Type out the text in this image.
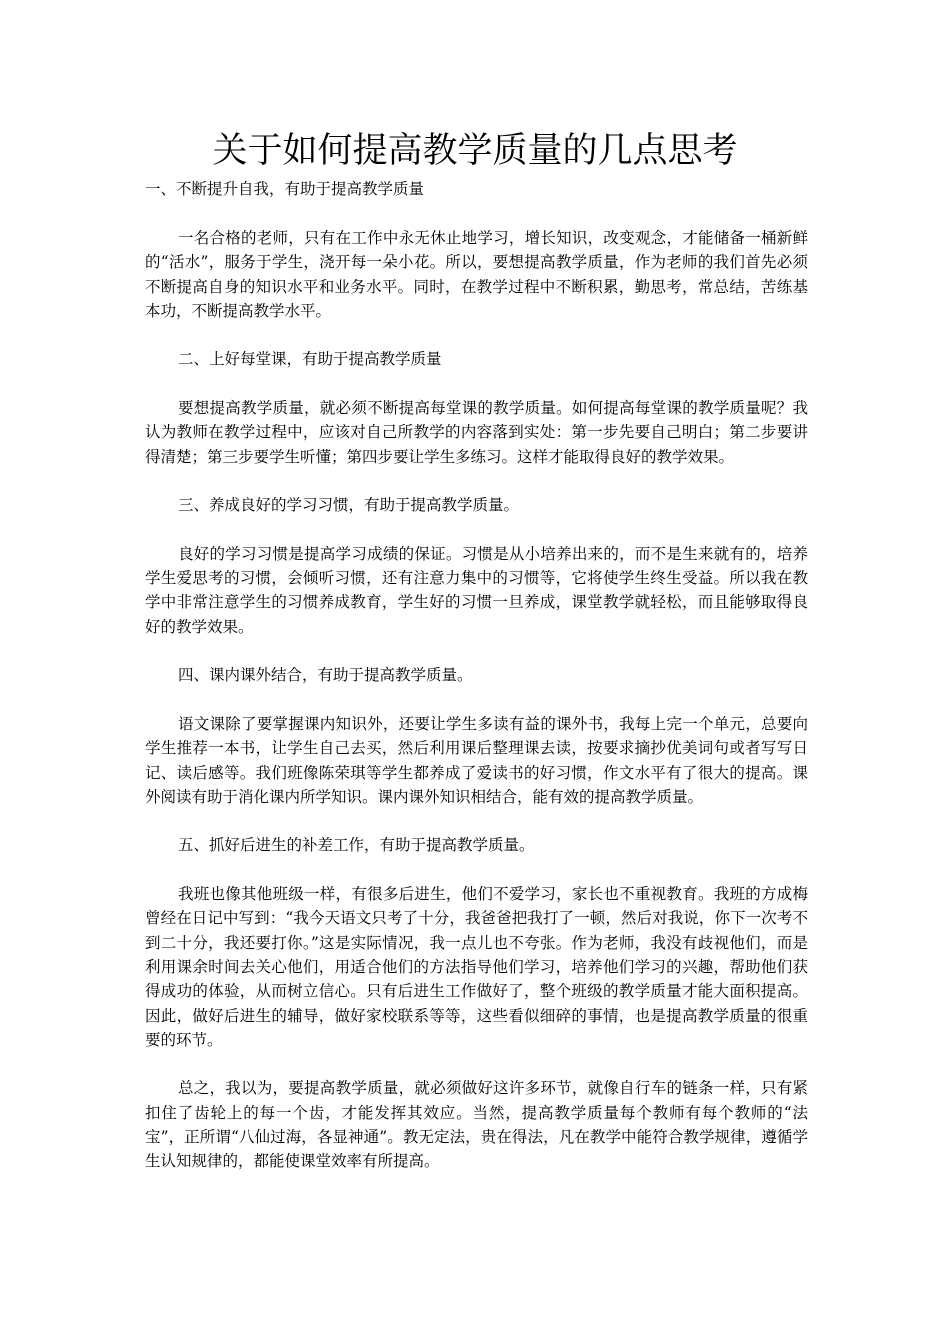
关于如何提高教学质量的几点思考

一、不断提升自我，有助于提高教学质量

一名合格的老师，只有在工作中永无休止地学习，增长知识，改变观念，才能储备一桶新鲜的“活水”，服务于学生，浇开每一朵小花。所以，要想提高教学质量，作为老师的我们首先必须不断提高自身的知识水平和业务水平。同时，在教学过程中不断积累，勤思考，常总结，苦练基本功，不断提高教学水平。

二、上好每堂课，有助于提高教学质量

要想提高教学质量，就必须不断提高每堂课的教学质量。如何提高每堂课的教学质量呢？我认为教师在教学过程中，应该对自己所教学的内容落到实处：第一步先要自己明白；第二步要讲得清楚；第三步要学生听懂；第四步要让学生多练习。这样才能取得良好的教学效果。

三、养成良好的学习习惯，有助于提高教学质量。

良好的学习习惯是提高学习成绩的保证。习惯是从小培养出来的，而不是生来就有的，培养学生爱思考的习惯，会倾听习惯，还有注意力集中的习惯等，它将使学生终生受益。所以我在教学中非常注意学生的习惯养成教育，学生好的习惯一旦养成，课堂教学就轻松，而且能够取得良好的教学效果。

四、课内课外结合，有助于提高教学质量。

语文课除了要掌握课内知识外，还要让学生多读有益的课外书，我每上完一个单元，总要向学生推荐一本书，让学生自己去买，然后利用课后整理课去读，按要求摘抄优美词句或者写写日记、读后感等。我们班像陈荣琪等学生都养成了爱读书的好习惯，作文水平有了很大的提高。课外阅读有助于消化课内所学知识。课内课外知识相结合，能有效的提高教学质量。

五、抓好后进生的补差工作，有助于提高教学质量。

我班也像其他班级一样，有很多后进生，他们不爱学习，家长也不重视教育。我班的方成梅曾经在日记中写到：“我今天语文只考了十分，我爸爸把我打了一顿，然后对我说，你下一次考不到二十分，我还要打你。”这是实际情况，我一点儿也不夸张。作为老师，我没有歧视他们，而是利用课余时间去关心他们，用适合他们的方法指导他们学习，培养他们学习的兴趣，帮助他们获得成功的体验，从而树立信心。只有后进生工作做好了，整个班级的教学质量才能大面积提高。因此，做好后进生的辅导，做好家校联系等等，这些看似细碎的事情，也是提高教学质量的很重要的环节。

总之，我以为，要提高教学质量，就必须做好这许多环节，就像自行车的链条一样，只有紧扣住了齿轮上的每一个齿，才能发挥其效应。当然，提高教学质量每个教师有每个教师的“法宝”，正所谓“八仙过海，各显神通”。教无定法，贵在得法，凡在教学中能符合教学规律，遵循学生认知规律的，都能使课堂效率有所提高。
